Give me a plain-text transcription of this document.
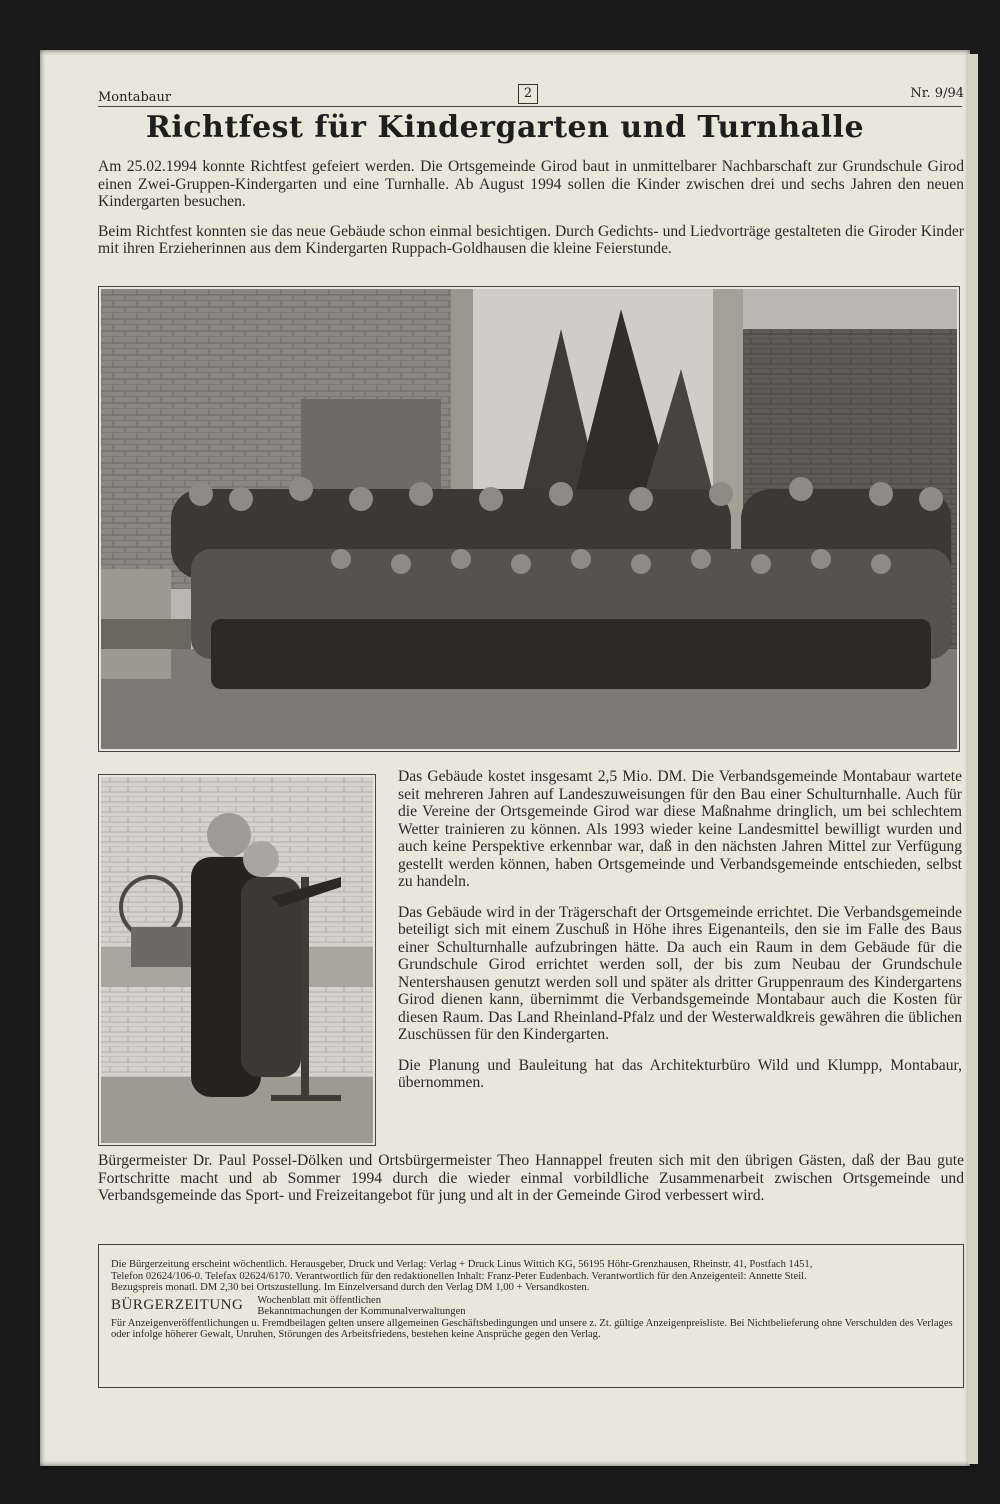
Montabaur	2	Nr. 9/94
Richtfest für Kindergarten und Turnhalle

Am 25.02.1994 konnte Richtfest gefeiert werden. Die Ortsgemeinde Girod baut in unmittelbarer Nachbarschaft zur Grundschule Girod einen Zwei-Gruppen-Kindergarten und eine Turnhalle. Ab August 1994 sollen die Kinder zwischen drei und sechs Jahren den neuen Kindergarten besuchen.

Beim Richtfest konnten sie das neue Gebäude schon einmal besichtigen. Durch Gedichts- und Liedvorträge gestalteten die Giroder Kinder mit ihren Erzieherinnen aus dem Kindergarten Ruppach-Goldhausen die kleine Feierstunde.

Das Gebäude kostet insgesamt 2,5 Mio. DM. Die Verbandsgemeinde Montabaur wartete seit mehreren Jahren auf Landeszuweisungen für den Bau einer Schulturnhalle. Auch für die Vereine der Ortsgemeinde Girod war diese Maßnahme dringlich, um bei schlechtem Wetter trainieren zu können. Als 1993 wieder keine Landesmittel bewilligt wurden und auch keine Perspektive erkennbar war, daß in den nächsten Jahren Mittel zur Verfügung gestellt werden können, haben Ortsgemeinde und Verbandsgemeinde entschieden, selbst zu handeln.

Das Gebäude wird in der Trägerschaft der Ortsgemeinde errichtet. Die Verbandsgemeinde beteiligt sich mit einem Zuschuß in Höhe ihres Eigenanteils, den sie im Falle des Baus einer Schulturnhalle aufzubringen hätte. Da auch ein Raum in dem Gebäude für die Grundschule Girod errichtet werden soll, der bis zum Neubau der Grundschule Nentershausen genutzt werden soll und später als dritter Gruppenraum des Kindergartens Girod dienen kann, übernimmt die Verbandsgemeinde Montabaur auch die Kosten für diesen Raum. Das Land Rheinland-Pfalz und der Westerwaldkreis gewähren die üblichen Zuschüssen für den Kindergarten.

Die Planung und Bauleitung hat das Architekturbüro Wild und Klumpp, Montabaur, übernommen.

Bürgermeister Dr. Paul Possel-Dölken und Ortsbürgermeister Theo Hannappel freuten sich mit den übrigen Gästen, daß der Bau gute Fortschritte macht und ab Sommer 1994 durch die wieder einmal vorbildliche Zusammenarbeit zwischen Ortsgemeinde und Verbandsgemeinde das Sport- und Freizeitangebot für jung und alt in der Gemeinde Girod verbessert wird.
Die Bürgerzeitung erscheint wöchentlich. Herausgeber, Druck und Verlag: Verlag + Druck Linus Wittich KG, 56195 Höhr-Grenzhausen, Rheinstr. 41, Postfach 1451,
Telefon 02624/106-0. Telefax 02624/6170. Verantwortlich für den redaktionellen Inhalt: Franz-Peter Eudenbach. Verantwortlich für den Anzeigenteil: Annette Steil.
Bezugspreis monatl. DM 2,30 bei Ortszustellung. Im Einzelversand durch den Verlag DM 1,00 + Versandkosten.
BÜRGERZEITUNG Wochenblatt mit öffentlichen
Bekanntmachungen der Kommunalverwaltungen
Für Anzeigenveröffentlichungen u. Fremdbeilagen gelten unsere allgemeinen Geschäftsbedingungen und unsere z. Zt. gültige Anzeigenpreisliste. Bei Nichtbelieferung ohne Verschulden des Verlages oder infolge höherer Gewalt, Unruhen, Störungen des Arbeitsfriedens, bestehen keine Ansprüche gegen den Verlag.
